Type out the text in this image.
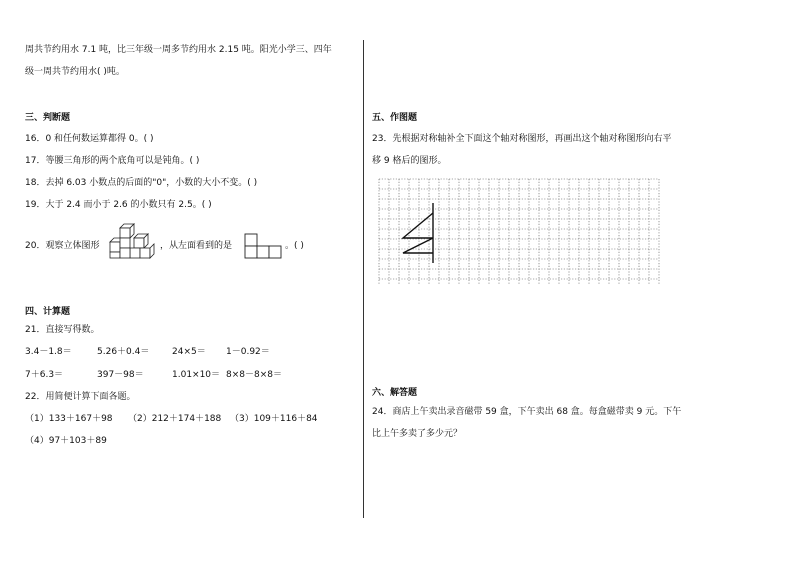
周共节约用水 7.1 吨，比三年级一周多节约用水 2.15 吨。阳光小学三、四年
级一周共节约用水( )吨。
三、判断题
16．0 和任何数运算都得 0。( )
17．等腰三角形的两个底角可以是钝角。( )
18．去掉 6.03 小数点的后面的"0"，小数的大小不变。( )
19．大于 2.4 而小于 2.6 的小数只有 2.5。( )
20．观察立体图形	，从左面看到的是	。( )
四、计算题
21．直接写得数。
3.4－1.8＝	5.26＋0.4＝	24×5＝ 1－0.92＝
7＋6.3＝	397－98＝	1.01×10＝ 8×8－8×8＝
22．用简便计算下面各题。
（1）133＋167＋98 （2）212＋174＋188 （3）109＋116＋84
（4）97＋103＋89
五、作图题
23．先根据对称轴补全下面这个轴对称图形，再画出这个轴对称图形向右平
移 9 格后的图形。
六、解答题
24．商店上午卖出录音磁带 59 盒，下午卖出 68 盒。每盒磁带卖 9 元。下午
比上午多卖了多少元？
